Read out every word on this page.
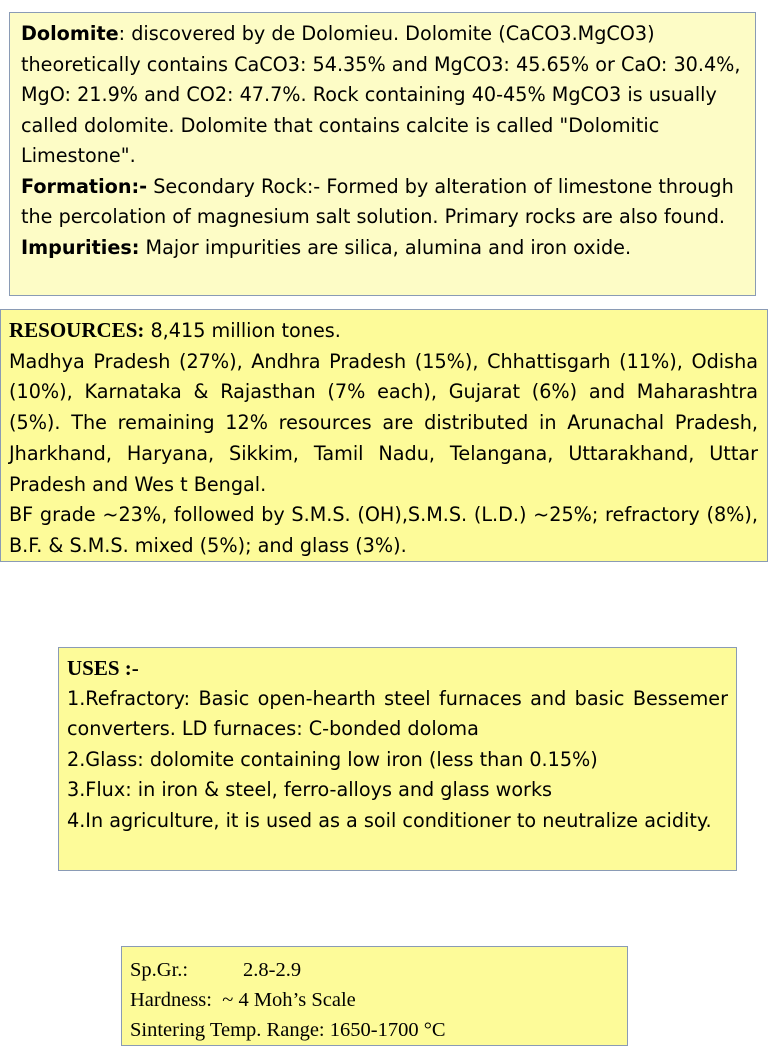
Dolomite: discovered by de Dolomieu. Dolomite (CaCO3.MgCO3) theoretically contains CaCO3: 54.35% and MgCO3: 45.65% or CaO: 30.4%, MgO: 21.9% and CO2: 47.7%. Rock containing 40-45% MgCO3 is usually called dolomite. Dolomite that contains calcite is called "Dolomitic Limestone".
Formation:- Secondary Rock:- Formed by alteration of limestone through the percolation of magnesium salt solution. Primary rocks are also found.
Impurities: Major impurities are silica, alumina and iron oxide.
RESOURCES: 8,415 million tones.
Madhya Pradesh (27%), Andhra Pradesh (15%), Chhattisgarh (11%), Odisha (10%), Karnataka & Rajasthan (7% each), Gujarat (6%) and Maharashtra (5%). The remaining 12% resources are distributed in Arunachal Pradesh, Jharkhand, Haryana, Sikkim, Tamil Nadu, Telangana, Uttarakhand, Uttar Pradesh and Wes t Bengal.
BF grade ~23%, followed by S.M.S. (OH),S.M.S. (L.D.) ~25%; refractory (8%), B.F. & S.M.S. mixed (5%); and glass (3%).
USES :-
1.Refractory: Basic open-hearth steel furnaces and basic Bessemer converters. LD furnaces: C-bonded doloma
2.Glass: dolomite containing low iron (less than 0.15%)
3.Flux: in iron & steel, ferro-alloys and glass works
4.In agriculture, it is used as a soil conditioner to neutralize acidity.
Sp.Gr.:	2.8-2.9
Hardness: ~ 4 Moh’s Scale
Sintering Temp. Range: 1650-1700 °C
